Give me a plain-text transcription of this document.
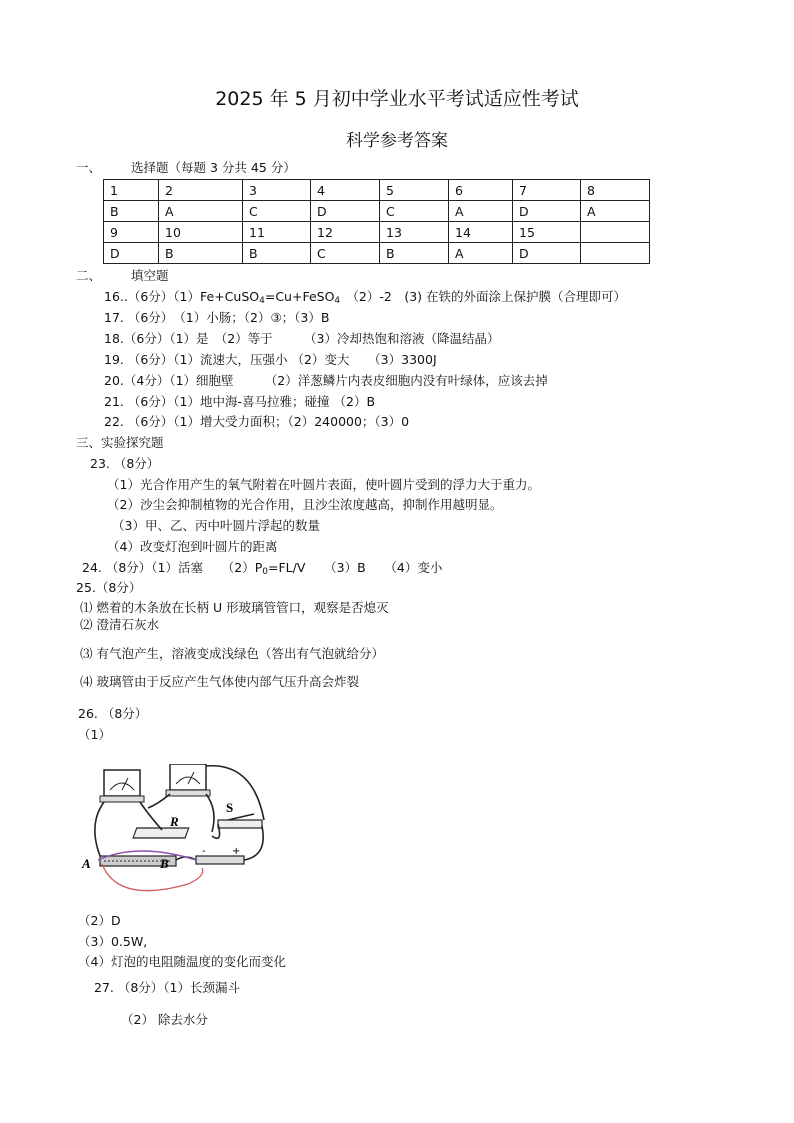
2025 年 5 月初中学业水平考试适应性考试
科学参考答案
一、 选择题（每题 3 分共 45 分）
1	2	3	4	5	6	7	8
B	A	C	D	C	A	D	A
9	10	11	12	13	14	15	
D	B	B	C	B	A	D	
二、 填空题
16..（6分）（1）Fe+CuSO$_4$=Cu+FeSO$_4$　 （2）-2　(3) 在铁的外面涂上保护膜（合理即可）
17. （6分）　（1）小肠；（2）③；（3）B
18.（6分）（1）是　（2）等于　　　（3）冷却热饱和溶液（降温结晶）
19. （6分）（1）流速大，压强小 （2）变大　　（3）3300J
20.（4分）（1）细胞壁　　　（2）洋葱鳞片内表皮细胞内没有叶绿体，应该去掉
21. （6分）（1）地中海-喜马拉雅；碰撞 （2）B
22. （6分）（1）增大受力面积；（2）240000；（3）0
三、实验探究题
23. （8分）
（1）光合作用产生的氧气附着在叶圆片表面，使叶圆片受到的浮力大于重力。
（2）沙尘会抑制植物的光合作用，且沙尘浓度越高，抑制作用越明显。
（3）甲、乙、丙中叶圆片浮起的数量
（4）改变灯泡到叶圆片的距离
24. （8分）（1）活塞　　$(2)P_0=FL/V$　　（3）B　　（4）变小
25.（8分）
⑴ 燃着的木条放在长柄 U 形玻璃管管口，观察是否熄灭
⑵ 澄清石灰水
⑶ 有气泡产生，溶液变成浅绿色（答出有气泡就给分）
⑷ 玻璃管由于反应产生气体使内部气压升高会炸裂
26. （8分）
（1）
R
S
A	B
-	+
（2）D
（3）0.5W,
（4）灯泡的电阻随温度的变化而变化
27. （8分）（1）长颈漏斗
（2） 除去水分
